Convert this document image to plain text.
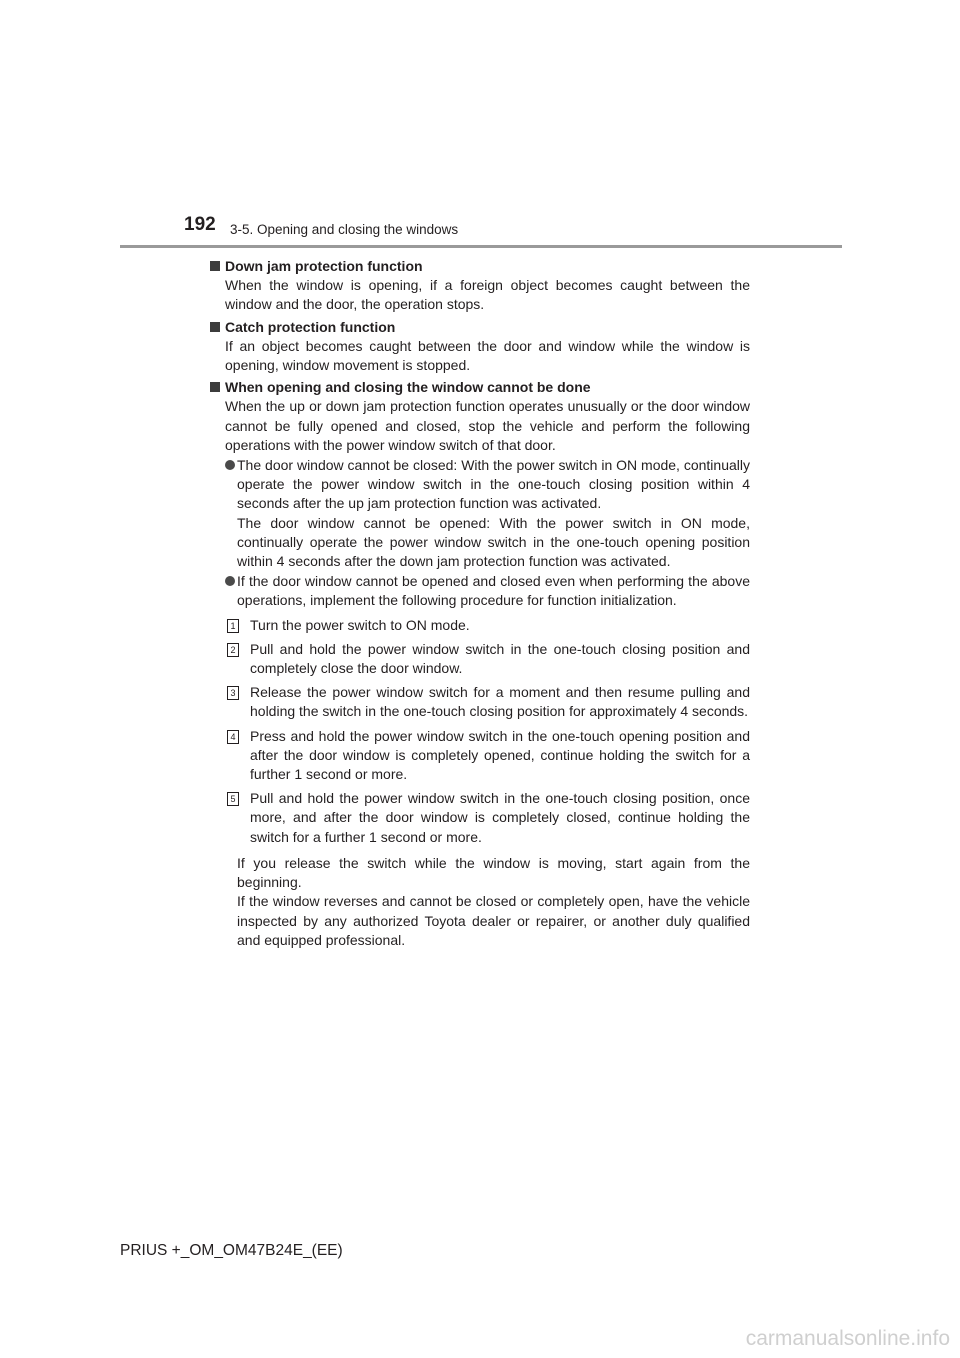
192 3-5. Opening and closing the windows
Down jam protection function
When the window is opening, if a foreign object becomes caught between the window and the door, the operation stops.
Catch protection function
If an object becomes caught between the door and window while the window is opening, window movement is stopped.
When opening and closing the window cannot be done
When the up or down jam protection function operates unusually or the door window cannot be fully opened and closed, stop the vehicle and perform the following operations with the power window switch of that door.
The door window cannot be closed: With the power switch in ON mode, continually operate the power window switch in the one-touch closing position within 4 seconds after the up jam protection function was activated.
The door window cannot be opened: With the power switch in ON mode, continually operate the power window switch in the one-touch opening position within 4 seconds after the down jam protection function was activated.
If the door window cannot be opened and closed even when performing the above operations, implement the following procedure for function initialization.
1 Turn the power switch to ON mode.
2 Pull and hold the power window switch in the one-touch closing position and completely close the door window.
3 Release the power window switch for a moment and then resume pulling and holding the switch in the one-touch closing position for approximately 4 seconds.
4 Press and hold the power window switch in the one-touch opening position and after the door window is completely opened, continue holding the switch for a further 1 second or more.
5 Pull and hold the power window switch in the one-touch closing position, once more, and after the door window is completely closed, continue holding the switch for a further 1 second or more.
If you release the switch while the window is moving, start again from the beginning.
If the window reverses and cannot be closed or completely open, have the vehicle inspected by any authorized Toyota dealer or repairer, or another duly qualified and equipped professional.
PRIUS +_OM_OM47B24E_(EE)
carmanualsonline.info
